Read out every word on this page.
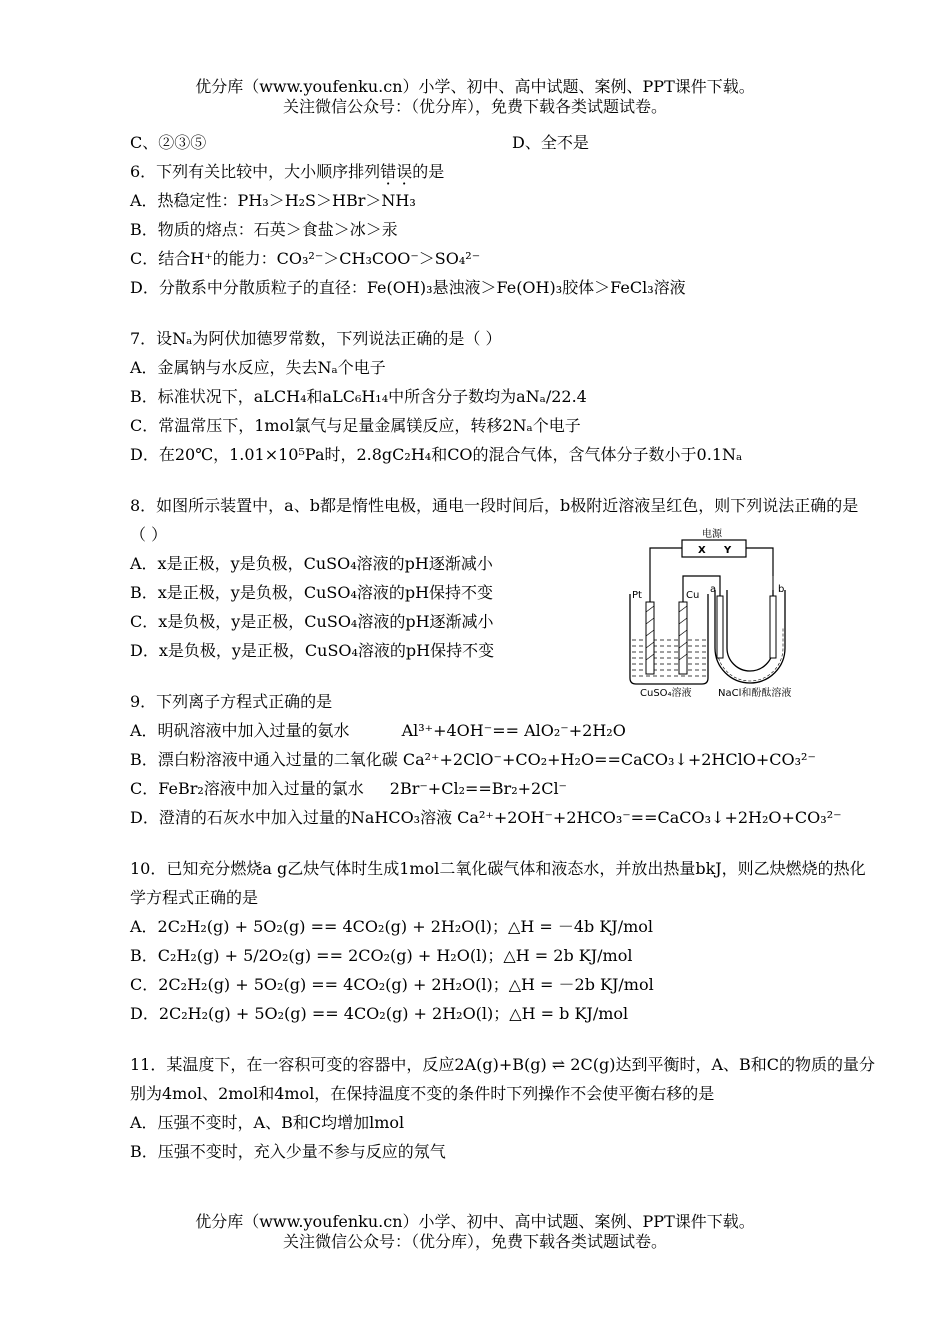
优分库（www.youfenku.cn）小学、初中、高中试题、案例、PPT课件下载。
关注微信公众号：（优分库），免费下载各类试题试卷。
C、②③⑤	D、全不是
6．下列有关比较中，大小顺序排列错误的是
A．热稳定性：PH₃＞H₂S＞HBr＞NH₃
B．物质的熔点：石英＞食盐＞冰＞汞
C．结合H⁺的能力：CO₃²⁻＞CH₃COO⁻＞SO₄²⁻
D．分散系中分散质粒子的直径：Fe(OH)₃悬浊液＞Fe(OH)₃胶体＞FeCl₃溶液
7．设Nₐ为阿伏加德罗常数，下列说法正确的是（ ）
A．金属钠与水反应，失去Nₐ个电子
B．标准状况下，aLCH₄和aLC₆H₁₄中所含分子数均为aNₐ/22.4
C．常温常压下，1mol氯气与足量金属镁反应，转移2Nₐ个电子
D．在20℃，1.01×10⁵Pa时，2.8gC₂H₄和CO的混合气体，含气体分子数小于0.1Nₐ
8．如图所示装置中，a、b都是惰性电极，通电一段时间后，b极附近溶液呈红色，则下列说法正确的是 （ ）
A．x是正极，y是负极，CuSO₄溶液的pH逐渐减小
B．x是正极，y是负极，CuSO₄溶液的pH保持不变
C．x是负极，y是正极，CuSO₄溶液的pH逐渐减小
D．x是负极，y是正极，CuSO₄溶液的pH保持不变
9．下列离子方程式正确的是
A．明矾溶液中加入过量的氨水	Al³⁺+4OH⁻== AlO₂⁻+2H₂O
B．漂白粉溶液中通入过量的二氧化碳 Ca²⁺+2ClO⁻+CO₂+H₂O==CaCO₃↓+2HClO+CO₃²⁻
C．FeBr₂溶液中加入过量的氯水 2Br⁻+Cl₂==Br₂+2Cl⁻
D．澄清的石灰水中加入过量的NaHCO₃溶液 Ca²⁺+2OH⁻+2HCO₃⁻==CaCO₃↓+2H₂O+CO₃²⁻
10．已知充分燃烧a g乙炔气体时生成1mol二氧化碳气体和液态水，并放出热量bkJ，则乙炔燃烧的热化学方程式正确的是
A．2C₂H₂(g) + 5O₂(g) == 4CO₂(g) + 2H₂O(l)；△H = －4b KJ/mol
B．C₂H₂(g) + 5/2O₂(g) == 2CO₂(g) + H₂O(l)；△H = 2b KJ/mol
C．2C₂H₂(g) + 5O₂(g) == 4CO₂(g) + 2H₂O(l)；△H = －2b KJ/mol
D．2C₂H₂(g) + 5O₂(g) == 4CO₂(g) + 2H₂O(l)；△H = b KJ/mol
11．某温度下，在一容积可变的容器中，反应2A(g)+B(g) ⇌ 2C(g)达到平衡时，A、B和C的物质的量分别为4mol、2mol和4mol，在保持温度不变的条件时下列操作不会使平衡右移的是
A．压强不变时，A、B和C均增加lmol
B．压强不变时，充入少量不参与反应的氖气
电源
X Y
Pt	Cu
a	b
CuSO₄溶液	NaCl和酚酞溶液
优分库（www.youfenku.cn）小学、初中、高中试题、案例、PPT课件下载。
关注微信公众号：（优分库），免费下载各类试题试卷。
